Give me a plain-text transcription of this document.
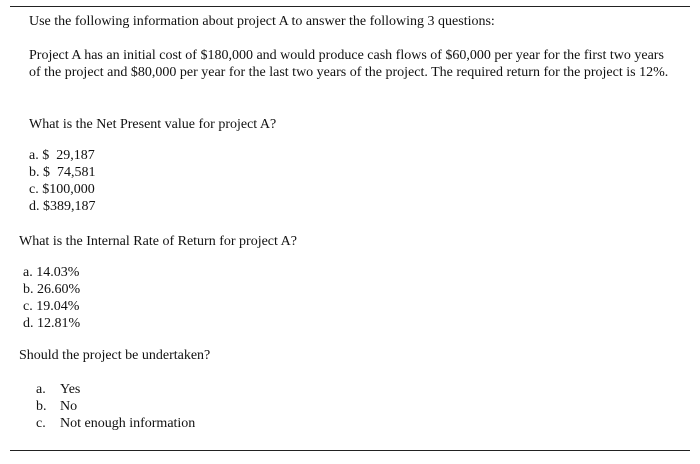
Use the following information about project A to answer the following 3 questions:
Project A has an initial cost of $180,000 and would produce cash flows of $60,000 per year for the first two years of the project and $80,000 per year for the last two years of the project. The required return for the project is 12%.
What is the Net Present value for project A?
a. $  29,187
b. $  74,581
c. $100,000
d. $389,187
What is the Internal Rate of Return for project A?
a. 14.03%
b. 26.60%
c. 19.04%
d. 12.81%
Should the project be undertaken?
a. Yes
b. No
c. Not enough information
